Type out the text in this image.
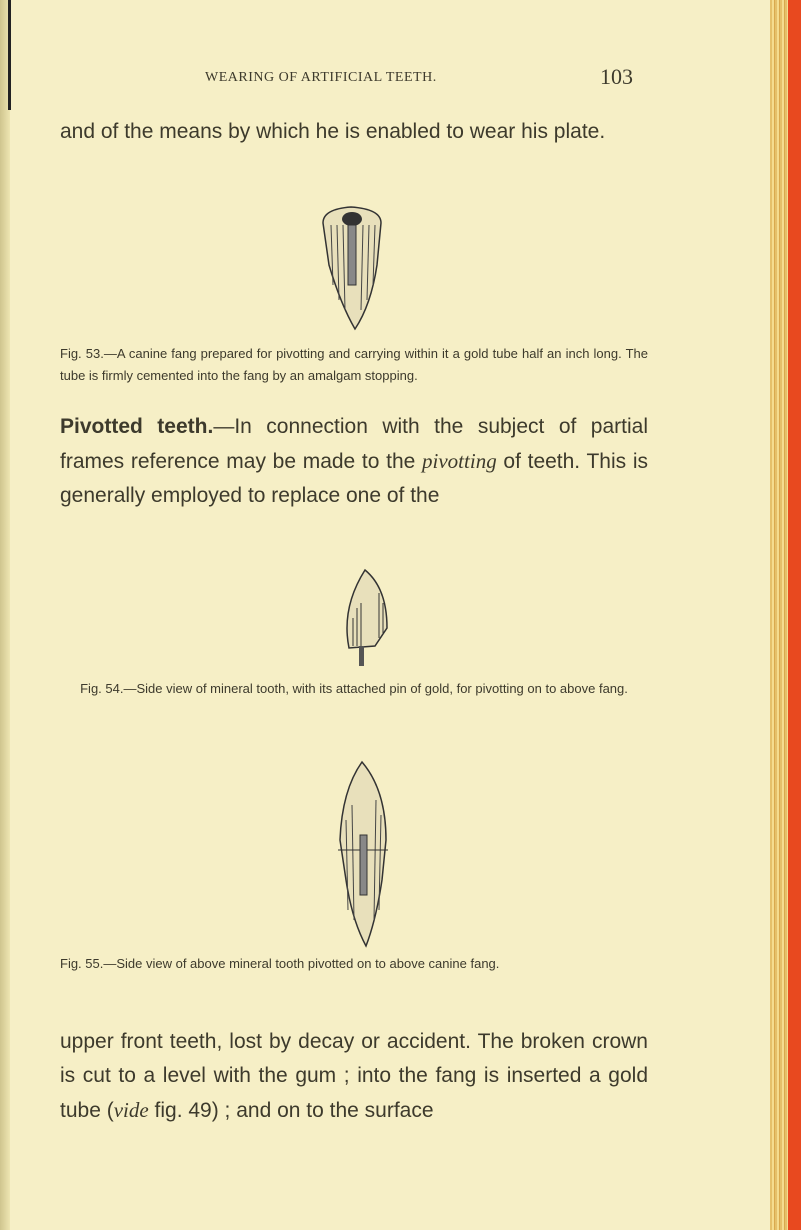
WEARING OF ARTIFICIAL TEETH.	103
and of the means by which he is enabled to wear his plate.
Fig. 53.—A canine fang prepared for pivotting and carrying within it a gold tube half an inch long. The tube is firmly cemented into the fang by an amalgam stopping.
Pivotted teeth.—In connection with the subject of partial frames reference may be made to the pivotting of teeth. This is generally employed to replace one of the
Fig. 54.—Side view of mineral tooth, with its attached pin of gold, for pivotting on to above fang.
Fig. 55.—Side view of above mineral tooth pivotted on to above canine fang.
upper front teeth, lost by decay or accident. The broken crown is cut to a level with the gum ; into the fang is inserted a gold tube (vide fig. 49) ; and on to the surface
